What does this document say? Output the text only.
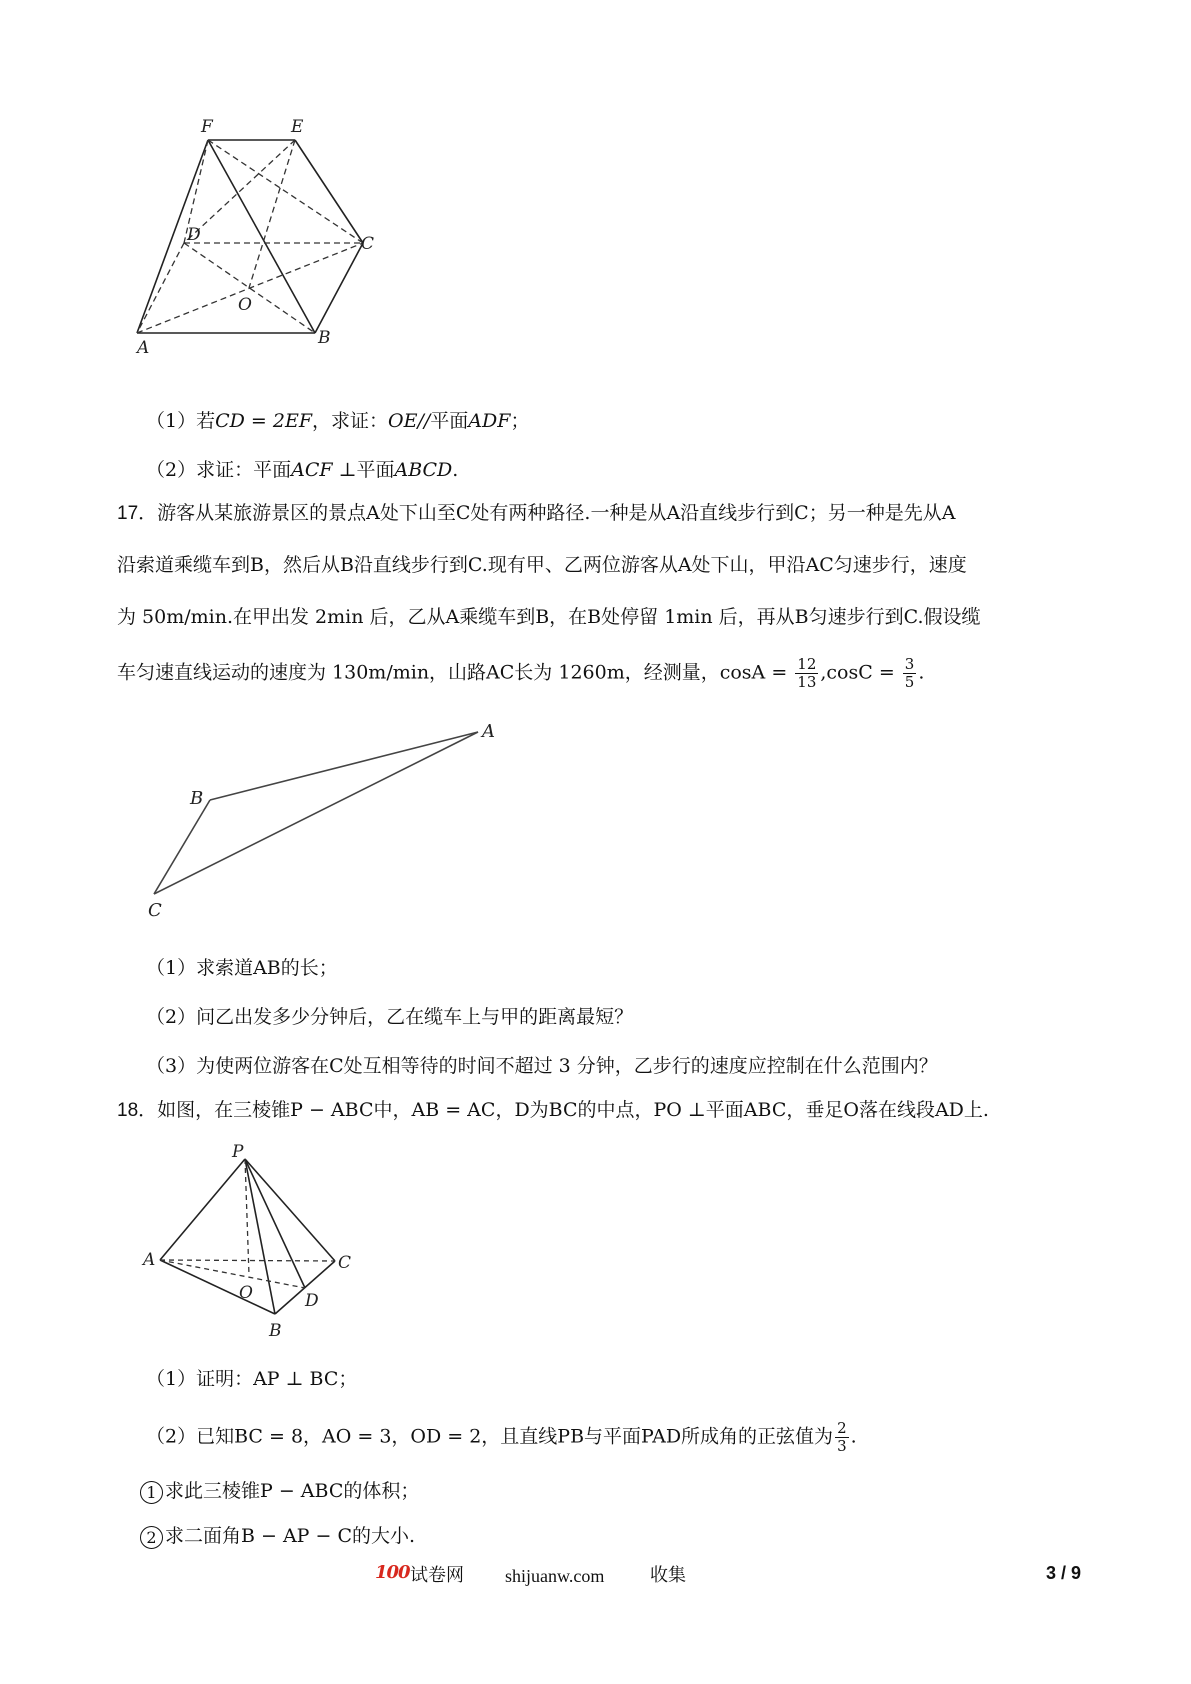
F	E
D	C
O
A	B
（1）若CD = 2EF，求证：OE//平面ADF；
（2）求证：平面ACF ⊥平面ABCD.
17．游客从某旅游景区的景点A处下山至C处有两种路径.一种是从A沿直线步行到C；另一种是先从A
沿索道乘缆车到B，然后从B沿直线步行到C.现有甲、乙两位游客从A处下山，甲沿AC匀速步行，速度
为 50m/min.在甲出发 2min 后，乙从A乘缆车到B，在B处停留 1min 后，再从B匀速步行到C.假设缆
车匀速直线运动的速度为 130m/min，山路AC长为 1260m，经测量，$\cos A = \frac{12}{13} ,\cos C = \frac{3}{5}$ .
A
B
C
（1）求索道AB的长；
（2）问乙出发多少分钟后，乙在缆车上与甲的距离最短？
（3）为使两位游客在C处互相等待的时间不超过 3 分钟，乙步行的速度应控制在什么范围内？
18．如图，在三棱锥P − ABC中，AB = AC，D为BC的中点，PO ⊥平面ABC，垂足O落在线段AD上.
P
A	C
O	D
B
（1）证明：AP ⊥ BC；
（2）已知BC = 8，AO = 3，OD = 2，且直线PB与平面PAD所成角的正弦值为 $\frac{2}{3}$ .
1 求此三棱锥P − ABC的体积；
2 求二面角B − AP − C的大小.
100 试卷网 shijuanw.com	收集	3 / 9
